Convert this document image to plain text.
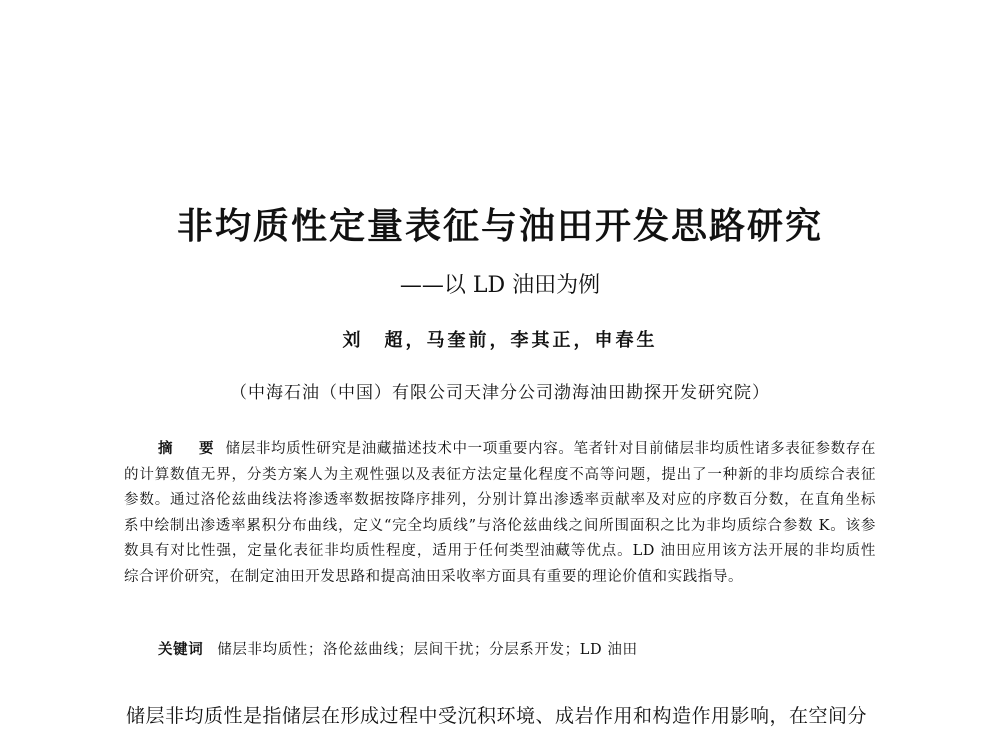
非均质性定量表征与油田开发思路研究
——以 LD 油田为例
刘　超，马奎前，李其正，申春生
（中海石油（中国）有限公司天津分公司渤海油田勘探开发研究院）
摘　要 储层非均质性研究是油藏描述技术中一项重要内容。笔者针对目前储层非均质性诸多表征参数存在的计算数值无界，分类方案人为主观性强以及表征方法定量化程度不高等问题，提出了一种新的非均质综合表征参数。通过洛伦兹曲线法将渗透率数据按降序排列，分别计算出渗透率贡献率及对应的序数百分数，在直角坐标系中绘制出渗透率累积分布曲线，定义“完全均质线”与洛伦兹曲线之间所围面积之比为非均质综合参数 K。该参数具有对比性强，定量化表征非均质性程度，适用于任何类型油藏等优点。LD 油田应用该方法开展的非均质性综合评价研究，在制定油田开发思路和提高油田采收率方面具有重要的理论价值和实践指导。
关键词 储层非均质性；洛伦兹曲线；层间干扰；分层系开发；LD 油田
储层非均质性是指储层在形成过程中受沉积环境、成岩作用和构造作用影响，在空间分
